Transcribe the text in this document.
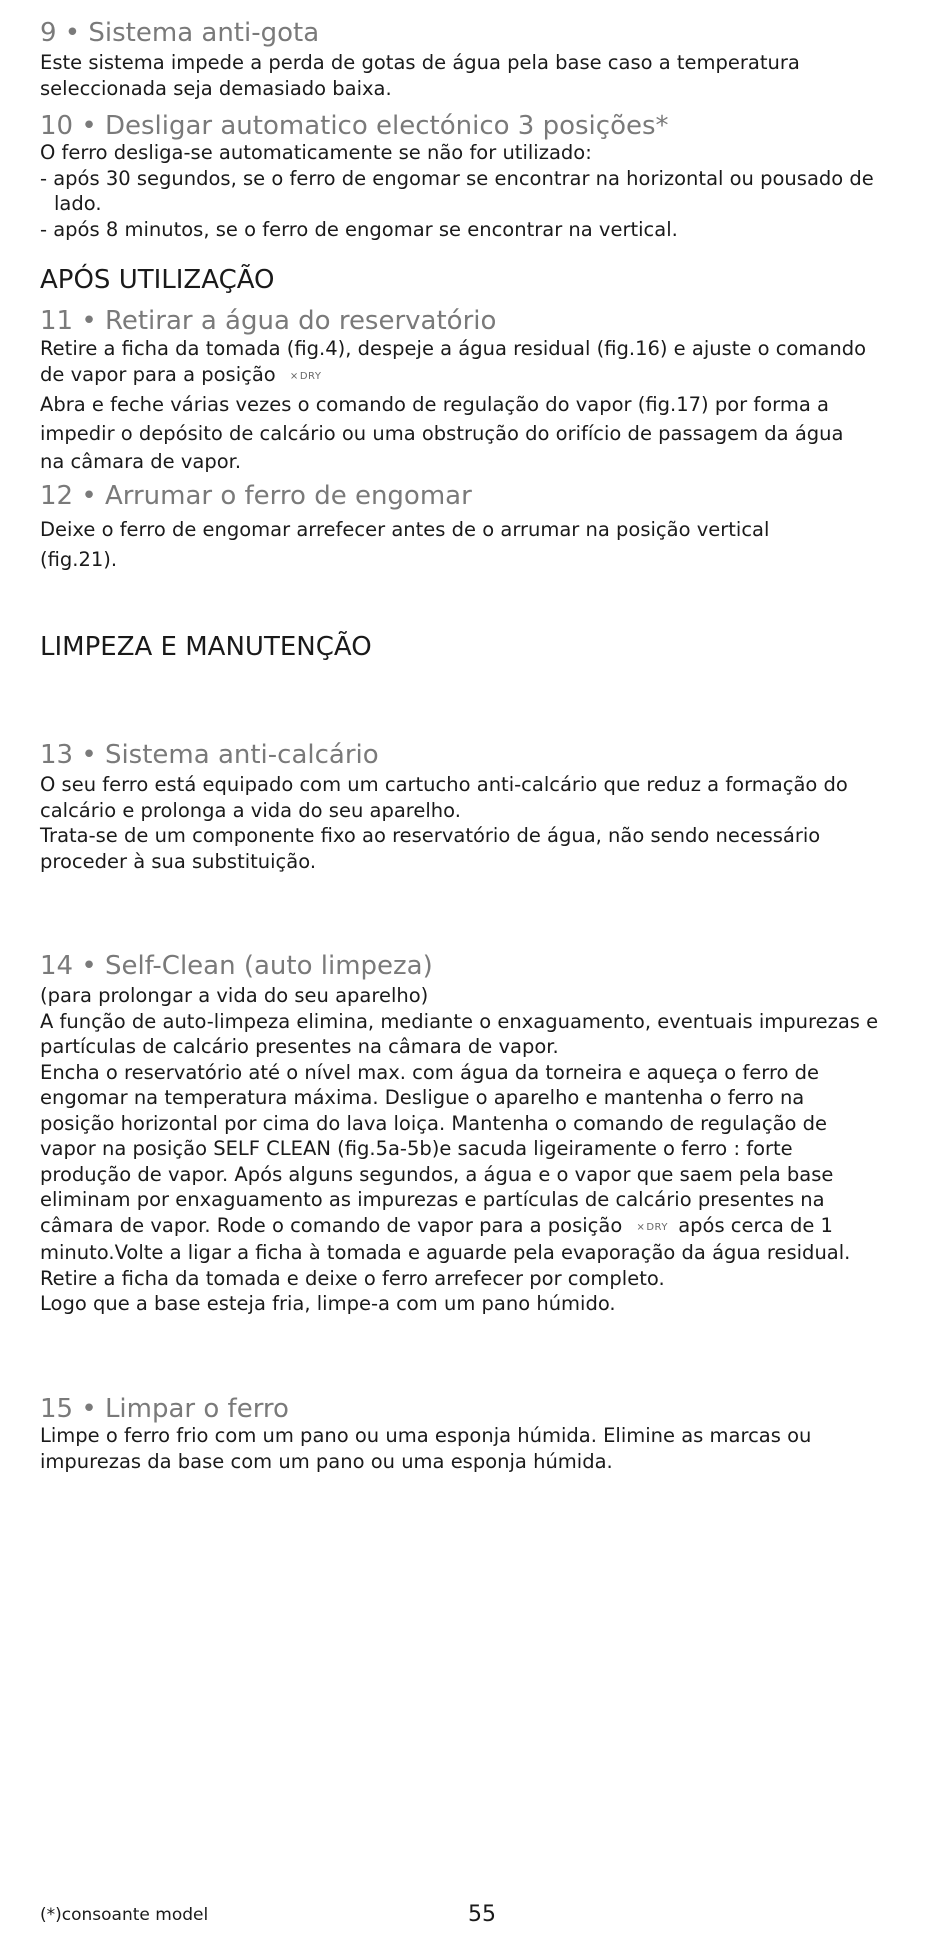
9 • Sistema anti-gota
Este sistema impede a perda de gotas de água pela base caso a temperatura
seleccionada seja demasiado baixa.
10 • Desligar automatico electónico 3 posições*
O ferro desliga-se automaticamente se não for utilizado:
- após 30 segundos, se o ferro de engomar se encontrar na horizontal ou pousado de
lado.
- após 8 minutos, se o ferro de engomar se encontrar na vertical.
APÓS UTILIZAÇÃO
11 • Retirar a água do reservatório
Retire a ficha da tomada (fig.4), despeje a água residual (fig.16) e ajuste o comando
de vapor para a posição ⨯DRY
Abra e feche várias vezes o comando de regulação do vapor (fig.17) por forma a
impedir o depósito de calcário ou uma obstrução do orifício de passagem da água
na câmara de vapor.
12 • Arrumar o ferro de engomar
Deixe o ferro de engomar arrefecer antes de o arrumar na posição vertical
(fig.21).
LIMPEZA E MANUTENÇÃO
13 • Sistema anti-calcário
O seu ferro está equipado com um cartucho anti-calcário que reduz a formação do
calcário e prolonga a vida do seu aparelho.
Trata-se de um componente fixo ao reservatório de água, não sendo necessário
proceder à sua substituição.
14 • Self-Clean (auto limpeza)
(para prolongar a vida do seu aparelho)
A função de auto-limpeza elimina, mediante o enxaguamento, eventuais impurezas e
partículas de calcário presentes na câmara de vapor.
Encha o reservatório até o nível max. com água da torneira e aqueça o ferro de
engomar na temperatura máxima. Desligue o aparelho e mantenha o ferro na
posição horizontal por cima do lava loiça. Mantenha o comando de regulação de
vapor na posição SELF CLEAN (fig.5a-5b)e sacuda ligeiramente o ferro : forte
produção de vapor. Após alguns segundos, a água e o vapor que saem pela base
eliminam por enxaguamento as impurezas e partículas de calcário presentes na
câmara de vapor. Rode o comando de vapor para a posição ⨯DRY após cerca de 1
minuto.Volte a ligar a ficha à tomada e aguarde pela evaporação da água residual.
Retire a ficha da tomada e deixe o ferro arrefecer por completo.
Logo que a base esteja fria, limpe-a com um pano húmido.
15 • Limpar o ferro
Limpe o ferro frio com um pano ou uma esponja húmida. Elimine as marcas ou
impurezas da base com um pano ou uma esponja húmida.
(*)consoante model	55
